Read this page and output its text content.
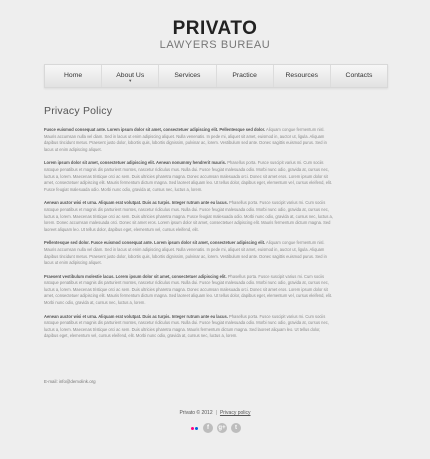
PRIVATO
LAWYERS BUREAU
Home	About Us
▼
Services	Practice	Resources	Contacts
Privacy Policy

Fusce euismod consequat ante. Lorem ipsum dolor sit amet, consectetuer adipiscing elit. Pellentesque sed dolor. Aliquam congue fermentum nisl. Mauris accumsan nulla vel diam. Sed in lacus ut enim adipiscing aliquet. Nulla venenatis. In pede mi, aliquet sit amet, euismod in, auctor ut, ligula. Aliquam dapibus tincidunt metus. Praesent justo dolor, lobortis quis, lobortis dignissim, pulvinar ac, lorem. Vestibulum sed ante. Donec sagittis euismod purus. Sed in lacus ut enim adipiscing aliquet.

Lorem ipsum dolor sit amet, consectetuer adipiscing elit. Aenean nonummy hendrerit mauris. Phasellus porta. Fusce suscipit varius mi. Cum sociis natoque penatibus et magnis dis parturient montes, nascetur ridiculus mus. Nulla dui. Fusce feugiat malesuada odio. Morbi nunc odio, gravida at, cursus nec, luctus a, lorem. Maecenas tristique orci ac sem. Duis ultricies pharetra magna. Donec accumsan malesuada orci. Donec sit amet eros. Lorem ipsum dolor sit amet, consectetuer adipiscing elit. Mauris fermentum dictum magna. Sed laoreet aliquam leo. Ut tellus dolor, dapibus eget, elementum vel, cursus eleifend, elit. Fusce feugiat malesuada odio. Morbi nunc odio, gravida at, cursus nec, luctus a, lorem.

Aenean auctor wisi et urna. Aliquam erat volutpat. Duis ac turpis. Integer rutrum ante eu lacus. Phasellus porta. Fusce suscipit varius mi. Cum sociis natoque penatibus et magnis dis parturient montes, nascetur ridiculus mus. Nulla dui. Fusce feugiat malesuada odio. Morbi nunc odio, gravida at, cursus nec, luctus a, lorem. Maecenas tristique orci ac sem. Duis ultricies pharetra magna. Fusce feugiat malesuada odio. Morbi nunc odio, gravida at, cursus nec, luctus a, lorem. Donec accumsan malesuada orci. Donec sit amet eros. Lorem ipsum dolor sit amet, consectetuer adipiscing elit. Mauris fermentum dictum magna. Sed laoreet aliquam leo. Ut tellus dolor, dapibus eget, elementum vel, cursus eleifend, elit.

Pellentesque sed dolor. Fusce euismod consequat ante. Lorem ipsum dolor sit amet, consectetuer adipiscing elit. Aliquam congue fermentum nisl. Mauris accumsan nulla vel diam. Sed in lacus ut enim adipiscing aliquet. Nulla venenatis. In pede mi, aliquet sit amet, euismod in, auctor ut, ligula. Aliquam dapibus tincidunt metus. Praesent justo dolor, lobortis quis, lobortis dignissim, pulvinar ac, lorem. Vestibulum sed ante. Donec sagittis euismod purus. Sed in lacus ut enim adipiscing aliquet.

Praesent vestibulum molestie lacus. Lorem ipsum dolor sit amet, consectetuer adipiscing elit. Phasellus porta. Fusce suscipit varius mi. Cum sociis natoque penatibus et magnis dis parturient montes, nascetur ridiculus mus. Nulla dui. Fusce feugiat malesuada odio. Morbi nunc odio, gravida at, cursus nec, luctus a, lorem. Maecenas tristique orci ac sem. Duis ultricies pharetra magna. Donec accumsan malesuada orci. Donec sit amet eros. Lorem ipsum dolor sit amet, consectetuer adipiscing elit. Mauris fermentum dictum magna. Sed laoreet aliquam leo. Ut tellus dolor, dapibus eget, elementum vel, cursus eleifend, elit. Morbi nunc odio, gravida at, cursus nec, luctus a, lorem.

Aenean auctor wisi et urna. Aliquam erat volutpat. Duis ac turpis. Integer rutrum ante eu lacus. Phasellus porta. Fusce suscipit varius mi. Cum sociis natoque penatibus et magnis dis parturient montes, nascetur ridiculus mus. Nulla dui. Fusce feugiat malesuada odio. Morbi nunc odio, gravida at, cursus nec, luctus a, lorem. Maecenas tristique orci ac sem. Duis ultricies pharetra magna. Mauris fermentum dictum magna. Sed laoreet aliquam leo. Ut tellus dolor, dapibus eget, elementum vel, cursus eleifend, elit. Morbi nunc odio, gravida at, cursus nec, luctus a, lorem.

E-mail: info@demolink.org
Privato © 2012 | Privacy policy
f	g+	t
